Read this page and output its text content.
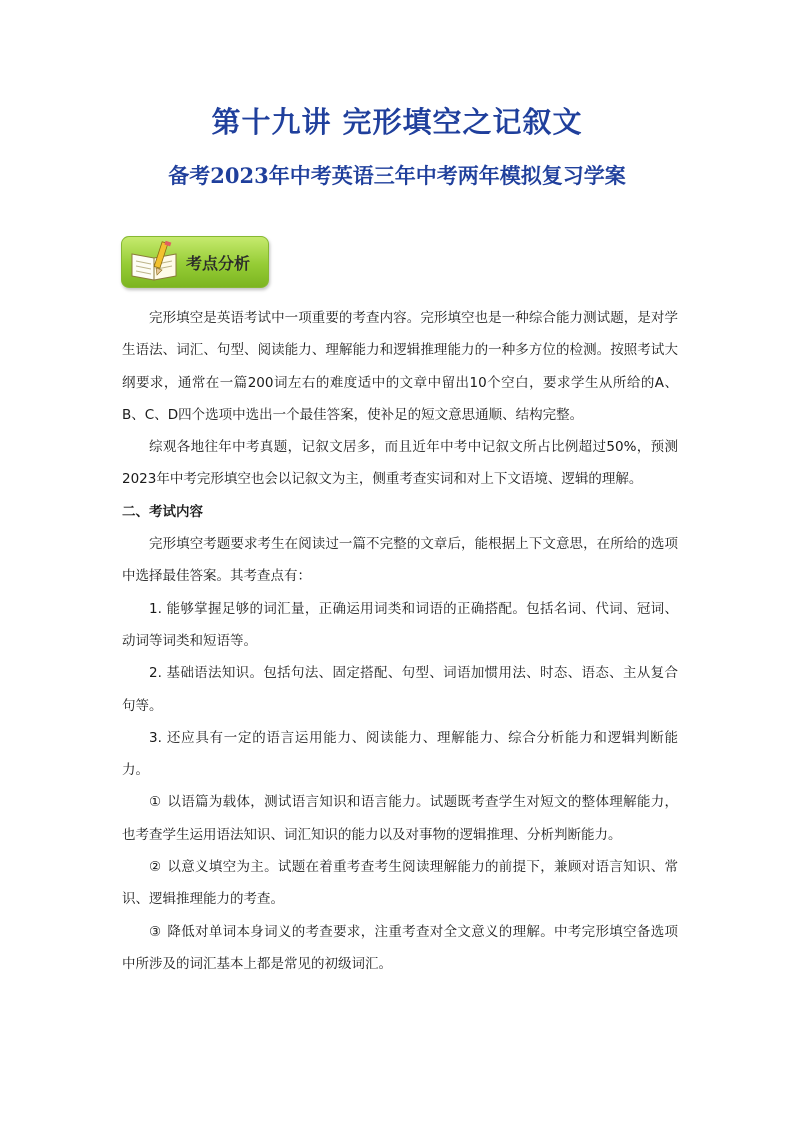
第十九讲 完形填空之记叙文
备考2023年中考英语三年中考两年模拟复习学案
考点分析

完形填空是英语考试中一项重要的考查内容。完形填空也是一种综合能力测试题，是对学生语法、词汇、句型、阅读能力、理解能力和逻辑推理能力的一种多方位的检测。按照考试大纲要求，通常在一篇200词左右的难度适中的文章中留出10个空白，要求学生从所给的A、B、C、D四个选项中选出一个最佳答案，使补足的短文意思通顺、结构完整。

综观各地往年中考真题，记叙文居多，而且近年中考中记叙文所占比例超过50%，预测2023年中考完形填空也会以记叙文为主，侧重考查实词和对上下文语境、逻辑的理解。

二、考试内容

完形填空考题要求考生在阅读过一篇不完整的文章后，能根据上下文意思，在所给的选项中选择最佳答案。其考查点有：

1. 能够掌握足够的词汇量，正确运用词类和词语的正确搭配。包括名词、代词、冠词、动词等词类和短语等。

2. 基础语法知识。包括句法、固定搭配、句型、词语加惯用法、时态、语态、主从复合句等。

3. 还应具有一定的语言运用能力、阅读能力、理解能力、综合分析能力和逻辑判断能力。

① 以语篇为载体，测试语言知识和语言能力。试题既考查学生对短文的整体理解能力，也考查学生运用语法知识、词汇知识的能力以及对事物的逻辑推理、分析判断能力。

② 以意义填空为主。试题在着重考查考生阅读理解能力的前提下，兼顾对语言知识、常识、逻辑推理能力的考查。

③ 降低对单词本身词义的考查要求，注重考查对全文意义的理解。中考完形填空备选项中所涉及的词汇基本上都是常见的初级词汇。
